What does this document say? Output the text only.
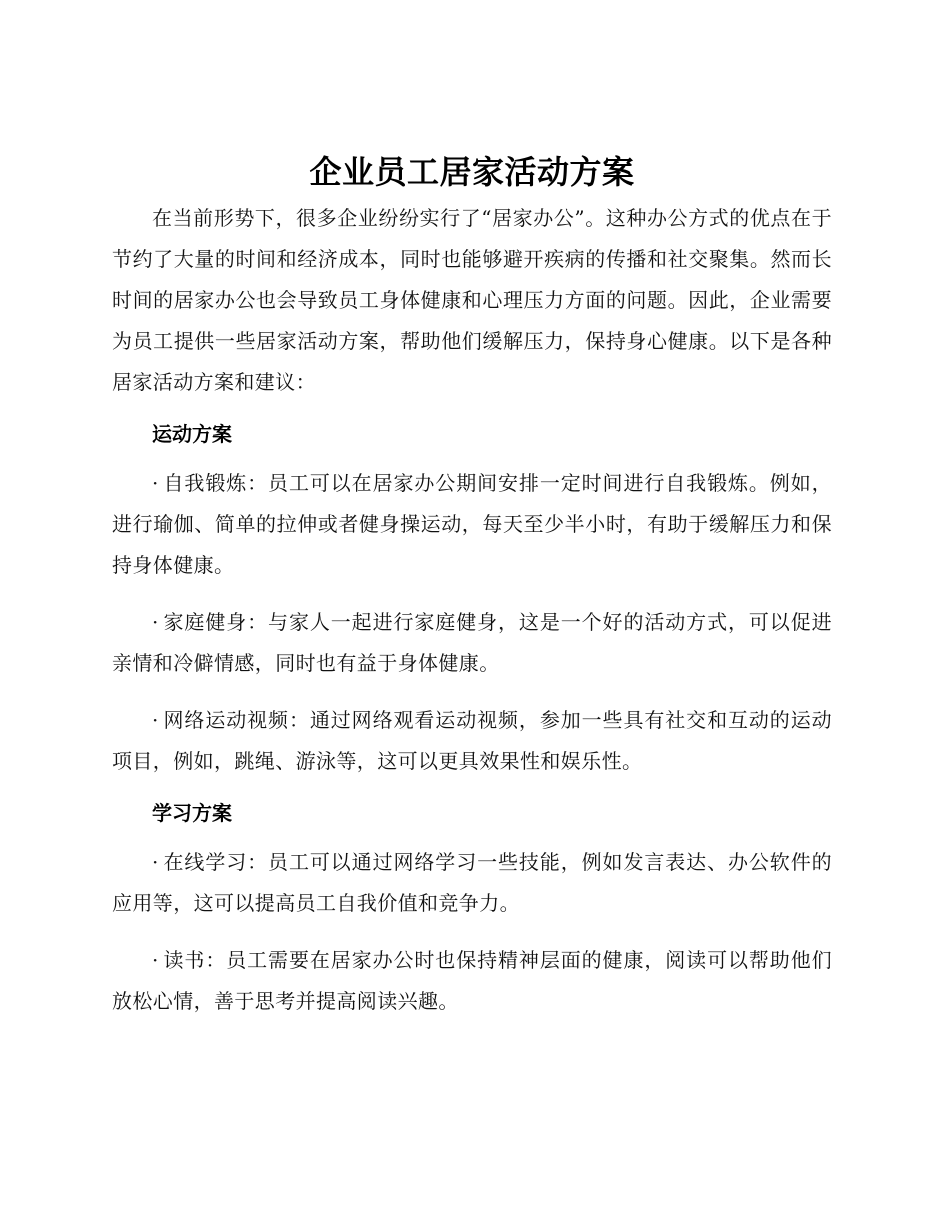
企业员工居家活动方案

在当前形势下，很多企业纷纷实行了“居家办公”。这种办公方式的优点在于节约了大量的时间和经济成本，同时也能够避开疾病的传播和社交聚集。然而长时间的居家办公也会导致员工身体健康和心理压力方面的问题。因此，企业需要为员工提供一些居家活动方案，帮助他们缓解压力，保持身心健康。以下是各种居家活动方案和建议：

运动方案

· 自我锻炼：员工可以在居家办公期间安排一定时间进行自我锻炼。例如，进行瑜伽、简单的拉伸或者健身操运动，每天至少半小时，有助于缓解压力和保持身体健康。

· 家庭健身：与家人一起进行家庭健身，这是一个好的活动方式，可以促进亲情和冷僻情感，同时也有益于身体健康。

· 网络运动视频：通过网络观看运动视频，参加一些具有社交和互动的运动项目，例如，跳绳、游泳等，这可以更具效果性和娱乐性。

学习方案

· 在线学习：员工可以通过网络学习一些技能，例如发言表达、办公软件的应用等，这可以提高员工自我价值和竞争力。

· 读书：员工需要在居家办公时也保持精神层面的健康，阅读可以帮助他们放松心情，善于思考并提高阅读兴趣。
